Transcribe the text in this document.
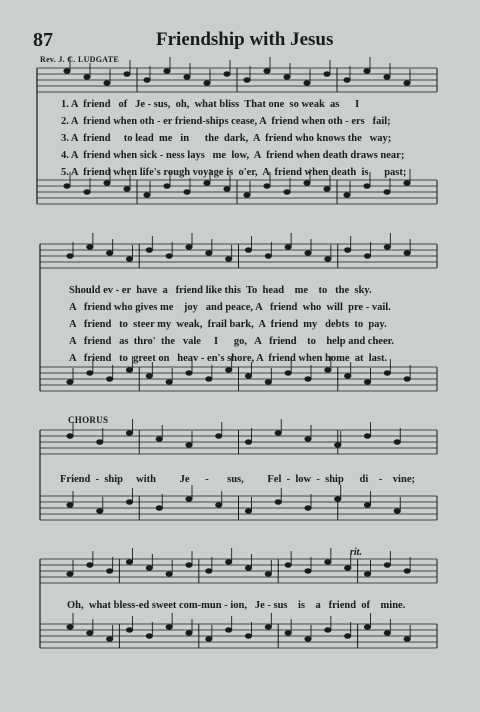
87	Friendship with Jesus
Rev. J. C. LUDGATE
1. A  friend   of   Je - sus,  oh,  what bliss  That one  so weak  as      I
2. A  friend when oth - er friend-ships cease, A  friend when oth - ers   fail;
3. A  friend     to lead  me   in      the  dark,  A  friend who knows the   way;
4. A  friend when sick - ness lays   me  low,  A  friend when death draws near;
5. A  friend when life's rough voyage is  o'er,  A  friend when death  is      past;
Should ev - er  have  a   friend like this  To  head    me    to   the  sky.
A   friend who gives me    joy   and peace, A   friend  who  will  pre - vail.
A   friend   to  steer my  weak,  frail bark,  A  friend  my   debts  to  pay.
A   friend   as  thro'  the   vale     I      go,   A   friend    to    help and cheer.
A   friend   to  greet on   heav - en's shore, A  friend when home  at  last.
CHORUS
Friend  -  ship     with         Je      -       sus,         Fel  -  low  -  ship      di    -    vine;
rit.
Oh,  what bless-ed sweet com-mun - ion,   Je - sus    is    a   friend  of    mine.
